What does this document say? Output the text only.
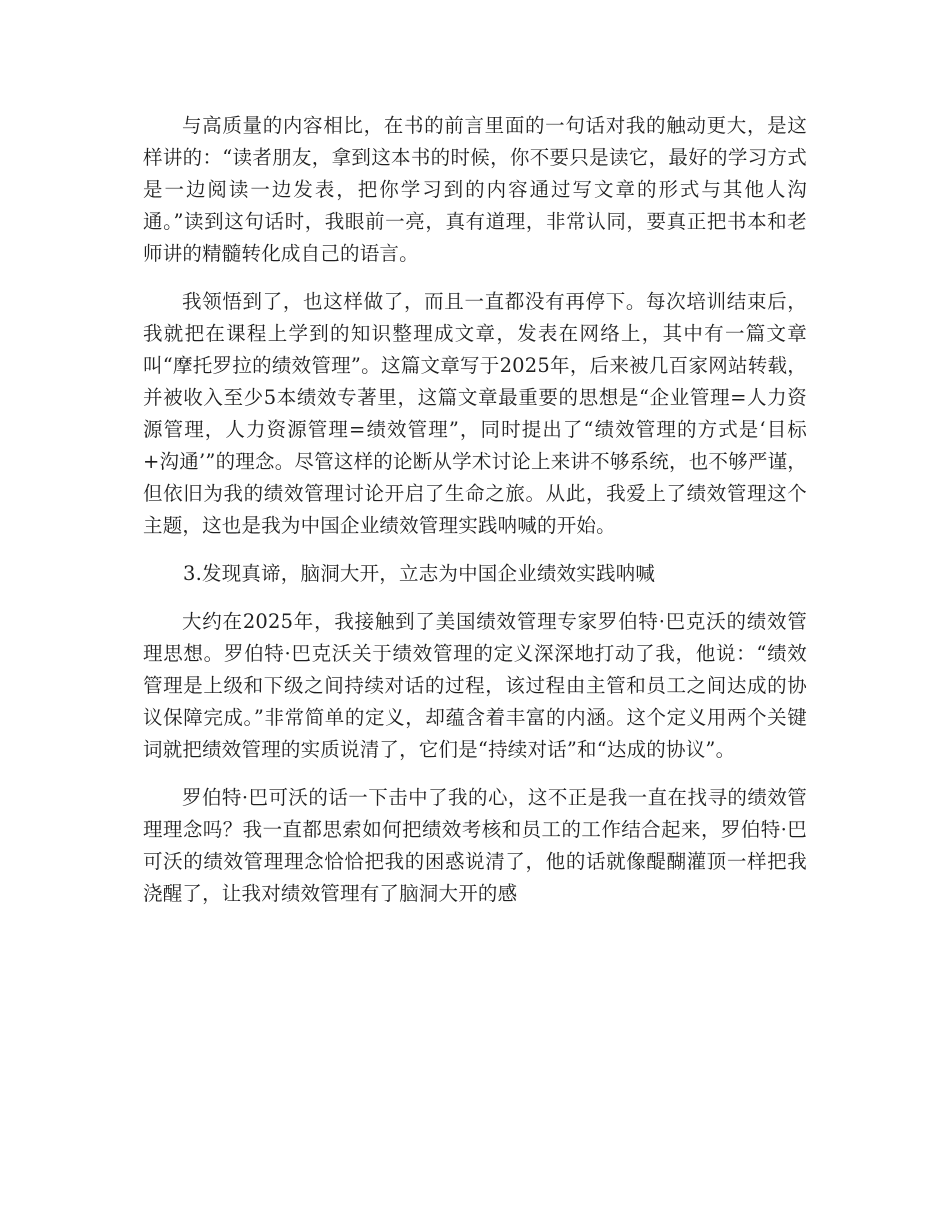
与高质量的内容相比，在书的前言里面的一句话对我的触动更大，是这样讲的：“读者朋友，拿到这本书的时候，你不要只是读它，最好的学习方式是一边阅读一边发表，把你学习到的内容通过写文章的形式与其他人沟通。”读到这句话时，我眼前一亮，真有道理，非常认同，要真正把书本和老师讲的精髓转化成自己的语言。

我领悟到了，也这样做了，而且一直都没有再停下。每次培训结束后，我就把在课程上学到的知识整理成文章，发表在网络上，其中有一篇文章叫“摩托罗拉的绩效管理”。这篇文章写于2025年，后来被几百家网站转载，并被收入至少5本绩效专著里，这篇文章最重要的思想是“企业管理=人力资源管理，人力资源管理=绩效管理”，同时提出了“绩效管理的方式是‘目标+沟通’”的理念。尽管这样的论断从学术讨论上来讲不够系统，也不够严谨，但依旧为我的绩效管理讨论开启了生命之旅。从此，我爱上了绩效管理这个主题，这也是我为中国企业绩效管理实践呐喊的开始。

3.发现真谛，脑洞大开，立志为中国企业绩效实践呐喊

大约在2025年，我接触到了美国绩效管理专家罗伯特·巴克沃的绩效管理思想。罗伯特·巴克沃关于绩效管理的定义深深地打动了我，他说：“绩效管理是上级和下级之间持续对话的过程，该过程由主管和员工之间达成的协议保障完成。”非常简单的定义，却蕴含着丰富的内涵。这个定义用两个关键词就把绩效管理的实质说清了，它们是“持续对话”和“达成的协议”。

罗伯特·巴可沃的话一下击中了我的心，这不正是我一直在找寻的绩效管理理念吗？我一直都思索如何把绩效考核和员工的工作结合起来，罗伯特·巴可沃的绩效管理理念恰恰把我的困惑说清了，他的话就像醍醐灌顶一样把我浇醒了，让我对绩效管理有了脑洞大开的感
